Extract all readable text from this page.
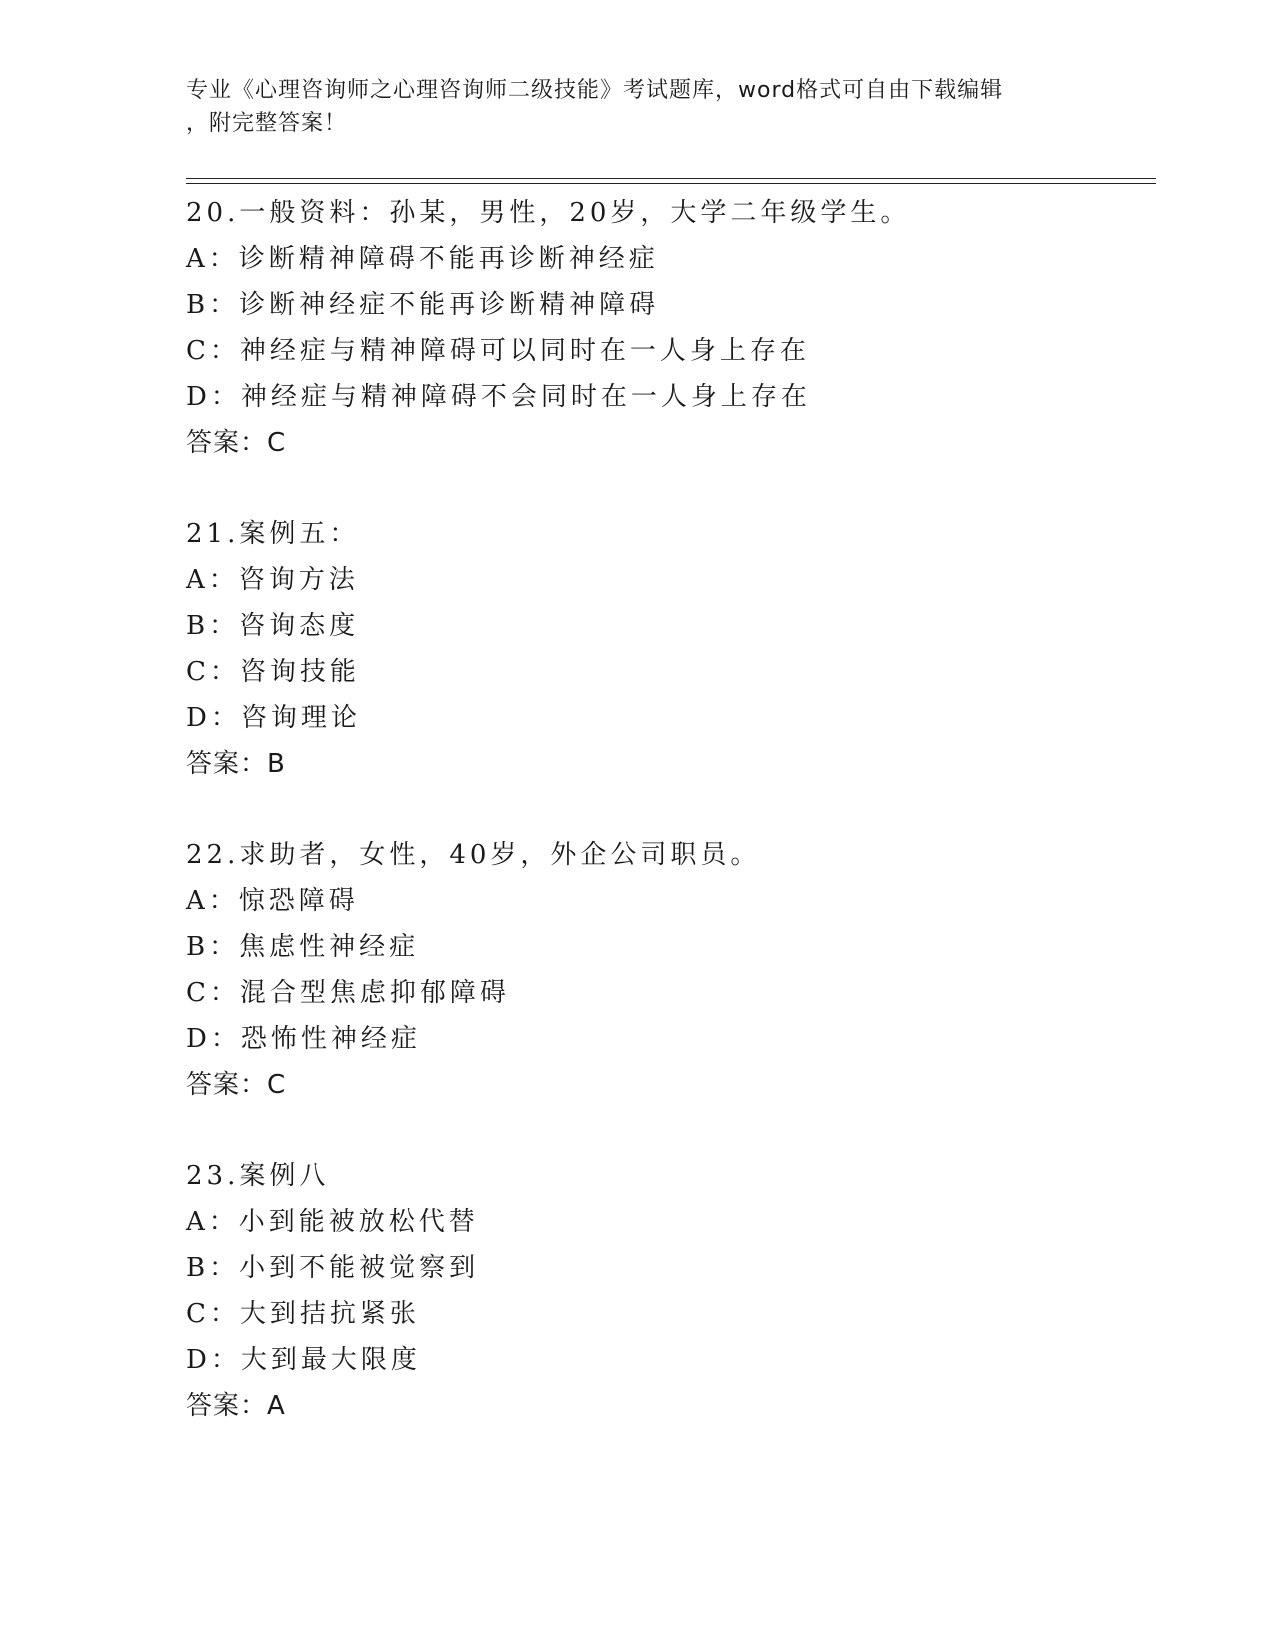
专业《心理咨询师之心理咨询师二级技能》考试题库，word格式可自由下载编辑
，附完整答案！
20.一般资料：孙某，男性，20岁，大学二年级学生。
A：诊断精神障碍不能再诊断神经症
B：诊断神经症不能再诊断精神障碍
C：神经症与精神障碍可以同时在一人身上存在
D：神经症与精神障碍不会同时在一人身上存在
答案：C
21.案例五：
A：咨询方法
B：咨询态度
C：咨询技能
D：咨询理论
答案：B
22.求助者，女性，40岁，外企公司职员。
A：惊恐障碍
B：焦虑性神经症
C：混合型焦虑抑郁障碍
D：恐怖性神经症
答案：C
23.案例八
A：小到能被放松代替
B：小到不能被觉察到
C：大到拮抗紧张
D：大到最大限度
答案：A
